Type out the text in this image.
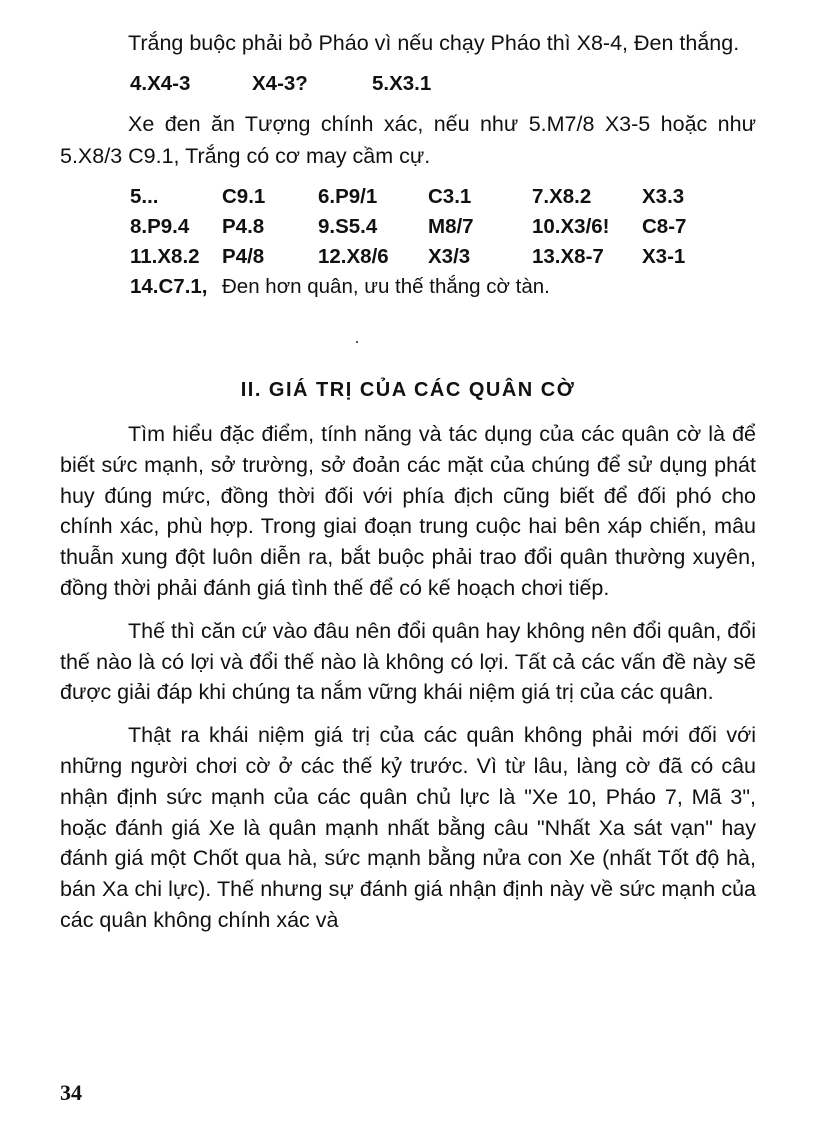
Trắng buộc phải bỏ Pháo vì nếu chạy Pháo thì X8-4, Đen thắng.

4.X4-3	X4-3?	5.X3.1

Xe đen ăn Tượng chính xác, nếu như 5.M7/8 X3-5 hoặc như 5.X8/3 C9.1, Trắng có cơ may cầm cự.

5...	C9.1	6.P9/1	C3.1	7.X8.2	X3.3
8.P9.4	P4.8	9.S5.4	M8/7	10.X3/6!	C8-7
11.X8.2	P4/8	12.X8/6	X3/3	13.X8-7	X3-1
14.C7.1, Đen hơn quân, ưu thế thắng cờ tàn.
II. GIÁ TRỊ CỦA CÁC QUÂN CỜ

Tìm hiểu đặc điểm, tính năng và tác dụng của các quân cờ là để biết sức mạnh, sở trường, sở đoản các mặt của chúng để sử dụng phát huy đúng mức, đồng thời đối với phía địch cũng biết để đối phó cho chính xác, phù hợp. Trong giai đoạn trung cuộc hai bên xáp chiến, mâu thuẫn xung đột luôn diễn ra, bắt buộc phải trao đổi quân thường xuyên, đồng thời phải đánh giá tình thế để có kế hoạch chơi tiếp.

Thế thì căn cứ vào đâu nên đổi quân hay không nên đổi quân, đổi thế nào là có lợi và đổi thế nào là không có lợi. Tất cả các vấn đề này sẽ được giải đáp khi chúng ta nắm vững khái niệm giá trị của các quân.

Thật ra khái niệm giá trị của các quân không phải mới đối với những người chơi cờ ở các thế kỷ trước. Vì từ lâu, làng cờ đã có câu nhận định sức mạnh của các quân chủ lực là "Xe 10, Pháo 7, Mã 3", hoặc đánh giá Xe là quân mạnh nhất bằng câu "Nhất Xa sát vạn" hay đánh giá một Chốt qua hà, sức mạnh bằng nửa con Xe (nhất Tốt độ hà, bán Xa chi lực). Thế nhưng sự đánh giá nhận định này về sức mạnh của các quân không chính xác và

34
